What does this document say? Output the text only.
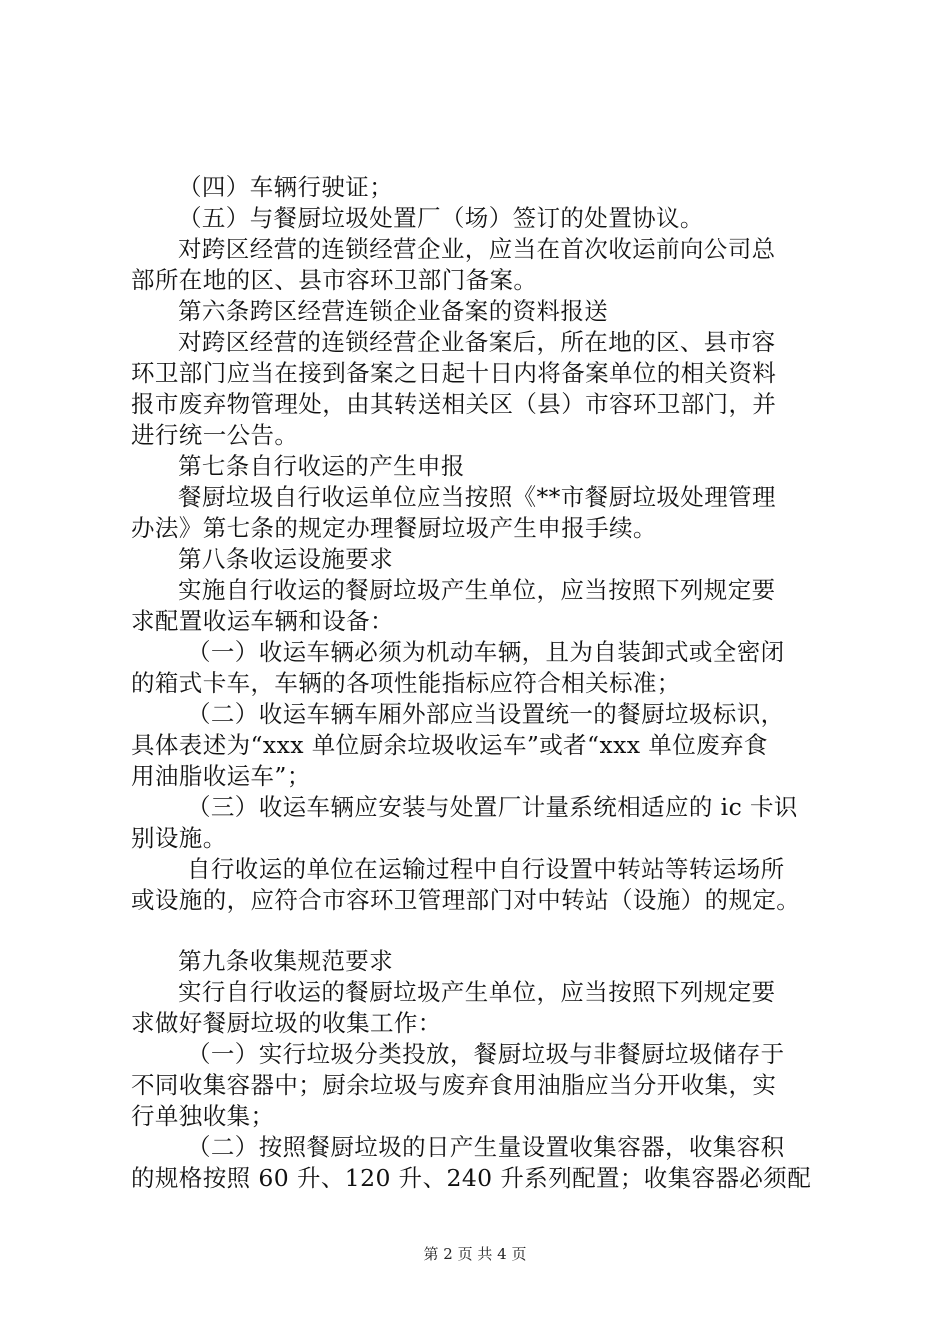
（四）车辆行驶证；
（五）与餐厨垃圾处置厂（场）签订的处置协议。
对跨区经营的连锁经营企业，应当在首次收运前向公司总
部所在地的区、县市容环卫部门备案。
第六条跨区经营连锁企业备案的资料报送
对跨区经营的连锁经营企业备案后，所在地的区、县市容
环卫部门应当在接到备案之日起十日内将备案单位的相关资料
报市废弃物管理处，由其转送相关区（县）市容环卫部门，并
进行统一公告。
第七条自行收运的产生申报
餐厨垃圾自行收运单位应当按照《**市餐厨垃圾处理管理
办法》第七条的规定办理餐厨垃圾产生申报手续。
第八条收运设施要求
实施自行收运的餐厨垃圾产生单位，应当按照下列规定要
求配置收运车辆和设备：
（一）收运车辆必须为机动车辆，且为自装卸式或全密闭
的箱式卡车，车辆的各项性能指标应符合相关标准；
（二）收运车辆车厢外部应当设置统一的餐厨垃圾标识，
具体表述为“xxx 单位厨余垃圾收运车”或者“xxx 单位废弃食
用油脂收运车”；
（三）收运车辆应安装与处置厂计量系统相适应的 ic 卡识
别设施。
自行收运的单位在运输过程中自行设置中转站等转运场所
或设施的，应符合市容环卫管理部门对中转站（设施）的规定。
第九条收集规范要求
实行自行收运的餐厨垃圾产生单位，应当按照下列规定要
求做好餐厨垃圾的收集工作：
（一）实行垃圾分类投放，餐厨垃圾与非餐厨垃圾储存于
不同收集容器中；厨余垃圾与废弃食用油脂应当分开收集，实
行单独收集；
（二）按照餐厨垃圾的日产生量设置收集容器，收集容积
的规格按照 60 升、120 升、240 升系列配置；收集容器必须配
第 2 页 共 4 页
